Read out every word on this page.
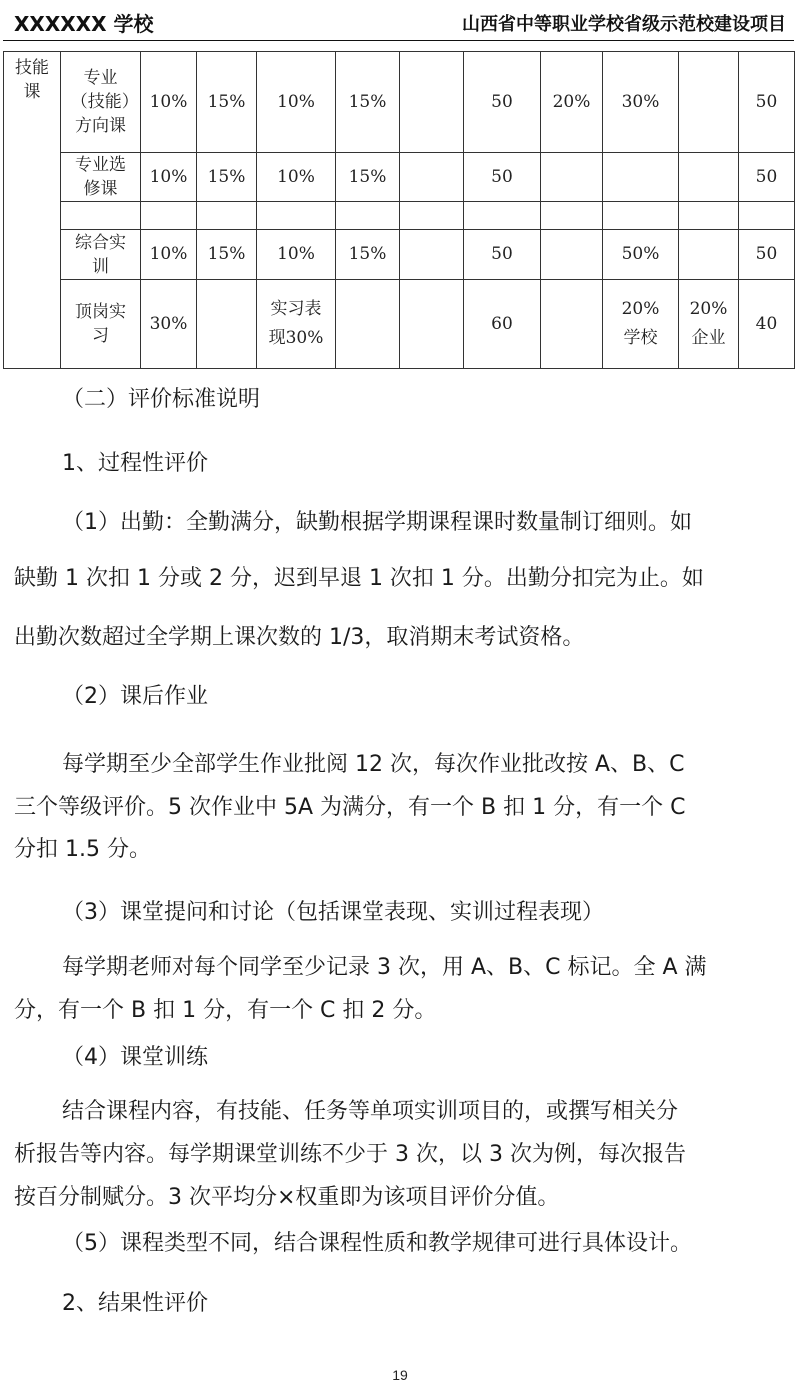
XXXXXX 学校	山西省中等职业学校省级示范校建设项目
技能课	专业（技能）方向课	10%	15%	10%	15%		50	20%	30%		50
	专业选修课	10%	15%	10%	15%		50				50

	综合实训	10%	15%	10%	15%		50		50%		50
	顶岗实习	30%		实习表现30%			60		20%学校	20%企业	40

（二）评价标准说明

1、过程性评价

（1）出勤：全勤满分，缺勤根据学期课程课时数量制订细则。如

缺勤 1 次扣 1 分或 2 分，迟到早退 1 次扣 1 分。出勤分扣完为止。如

出勤次数超过全学期上课次数的 1/3，取消期末考试资格。

（2）课后作业

每学期至少全部学生作业批阅 12 次，每次作业批改按 A、B、C

三个等级评价。5 次作业中 5A 为满分，有一个 B 扣 1 分，有一个 C

分扣 1.5 分。

（3）课堂提问和讨论（包括课堂表现、实训过程表现）

每学期老师对每个同学至少记录 3 次，用 A、B、C 标记。全 A 满

分，有一个 B 扣 1 分，有一个 C 扣 2 分。

（4）课堂训练

结合课程内容，有技能、任务等单项实训项目的，或撰写相关分

析报告等内容。每学期课堂训练不少于 3 次，以 3 次为例，每次报告

按百分制赋分。3 次平均分×权重即为该项目评价分值。

（5）课程类型不同，结合课程性质和教学规律可进行具体设计。

2、结果性评价

19
